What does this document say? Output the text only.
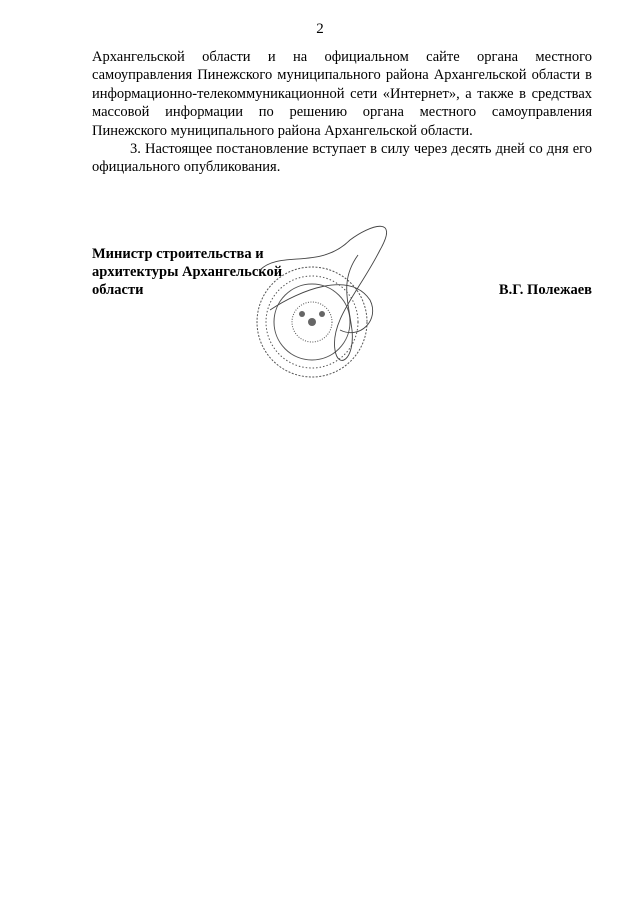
2

Архангельской области и на официальном сайте органа местного самоуправления Пинежского муниципального района Архангельской области в информационно-телекоммуникационной сети «Интернет», а также в средствах массовой информации по решению органа местного самоуправления Пинежского муниципального района Архангельской области.

3. Настоящее постановление вступает в силу через десять дней со дня его официального опубликования.

Министр строительства и
архитектуры Архангельской
области	В.Г. Полежаев
